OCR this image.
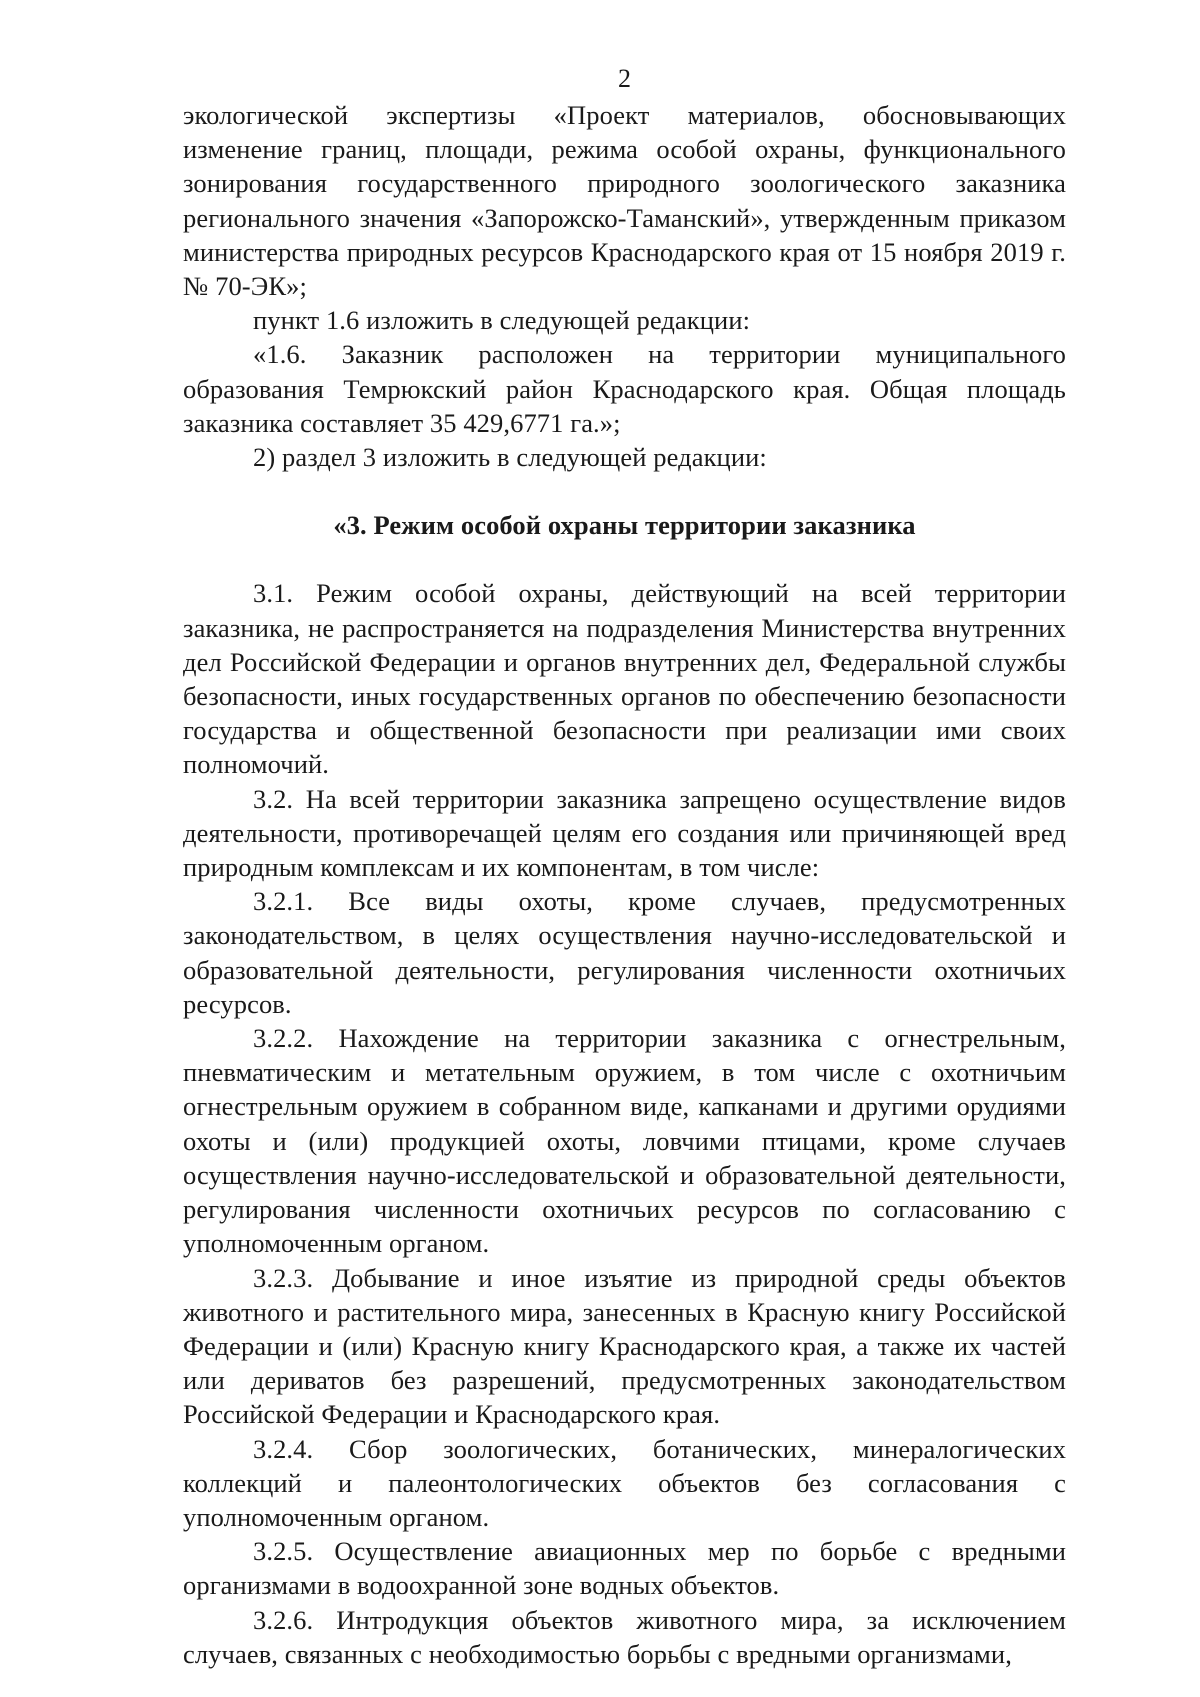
2

экологической экспертизы «Проект материалов, обосновывающих изменение границ, площади, режима особой охраны, функционального зонирования государственного природного зоологического заказника регионального значения «Запорожско-Таманский», утвержденным приказом министерства природных ресурсов Краснодарского края от 15 ноября 2019 г. № 70-ЭК»;

пункт 1.6 изложить в следующей редакции:

«1.6. Заказник расположен на территории муниципального образования Темрюкский район Краснодарского края. Общая площадь заказника составляет 35 429,6771 га.»;

2) раздел 3 изложить в следующей редакции:

«3. Режим особой охраны территории заказника

3.1. Режим особой охраны, действующий на всей территории заказника, не распространяется на подразделения Министерства внутренних дел Российской Федерации и органов внутренних дел, Федеральной службы безопасности, иных государственных органов по обеспечению безопасности государства и общественной безопасности при реализации ими своих полномочий.

3.2. На всей территории заказника запрещено осуществление видов деятельности, противоречащей целям его создания или причиняющей вред природным комплексам и их компонентам, в том числе:

3.2.1. Все виды охоты, кроме случаев, предусмотренных законодательством, в целях осуществления научно-исследовательской и образовательной деятельности, регулирования численности охотничьих ресурсов.

3.2.2. Нахождение на территории заказника с огнестрельным, пневматическим и метательным оружием, в том числе с охотничьим огнестрельным оружием в собранном виде, капканами и другими орудиями охоты и (или) продукцией охоты, ловчими птицами, кроме случаев осуществления научно-исследовательской и образовательной деятельности, регулирования численности охотничьих ресурсов по согласованию с уполномоченным органом.

3.2.3. Добывание и иное изъятие из природной среды объектов животного и растительного мира, занесенных в Красную книгу Российской Федерации и (или) Красную книгу Краснодарского края, а также их частей или дериватов без разрешений, предусмотренных законодательством Российской Федерации и Краснодарского края.

3.2.4. Сбор зоологических, ботанических, минералогических коллекций и палеонтологических объектов без согласования с уполномоченным органом.

3.2.5. Осуществление авиационных мер по борьбе с вредными организмами в водоохранной зоне водных объектов.

3.2.6. Интродукция объектов животного мира, за исключением случаев, связанных с необходимостью борьбы с вредными организмами,
